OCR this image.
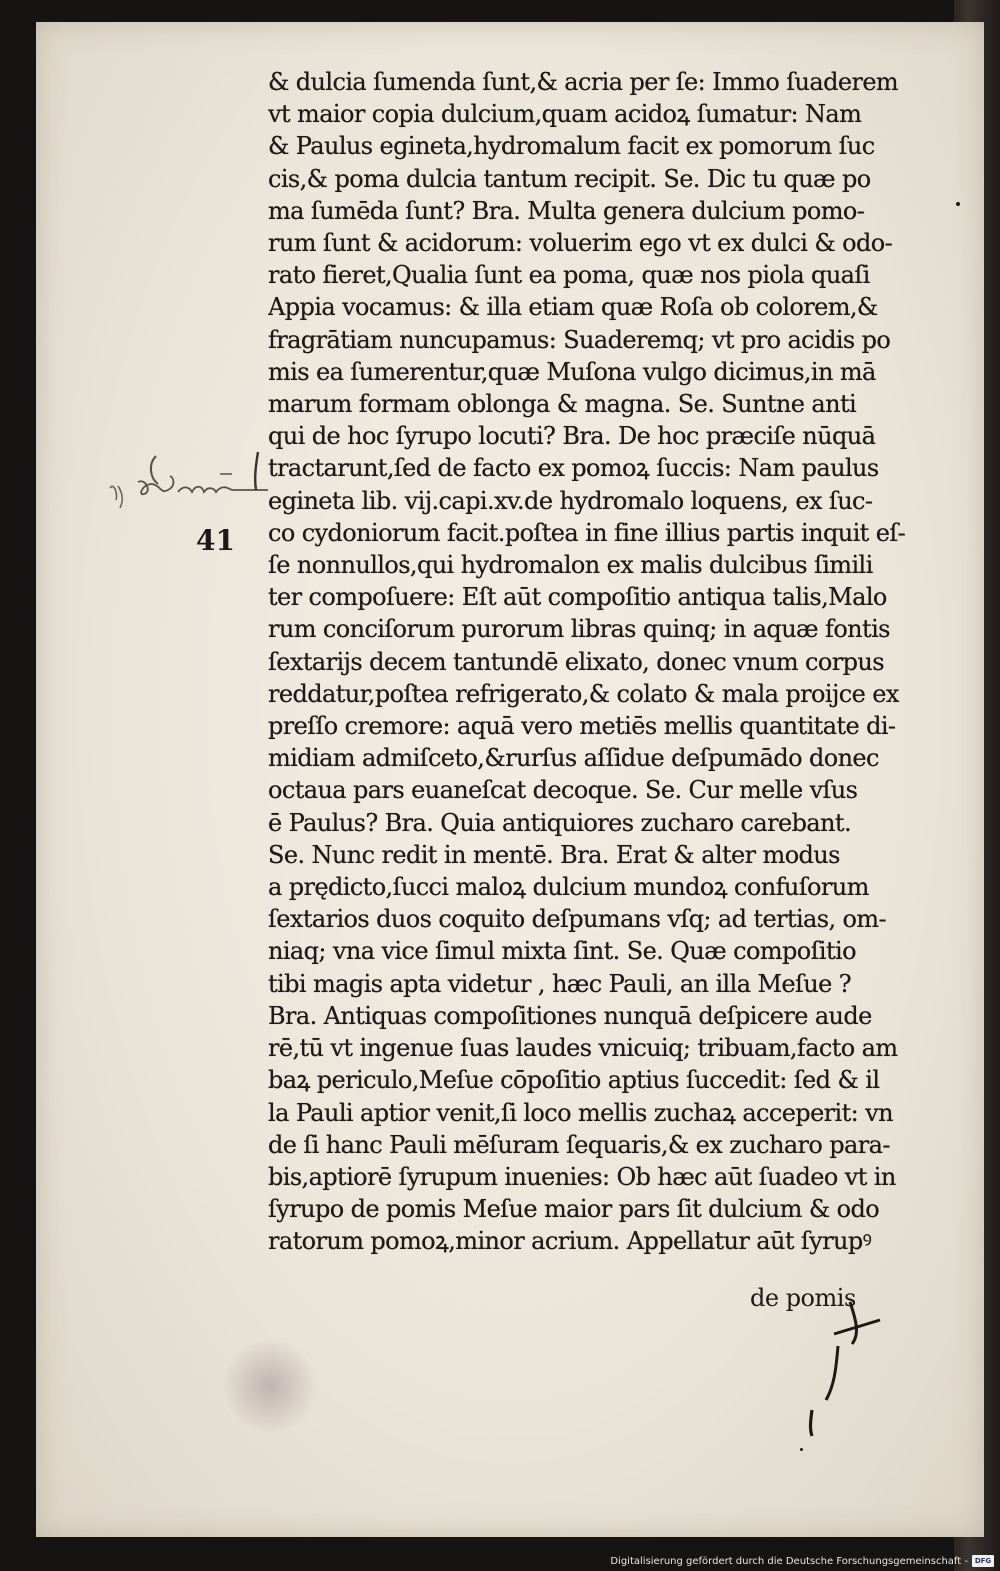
& dulcia ſumenda ſunt,& acria per ſe: Immo ſuaderem
vt maior copia dulcium,quam acidoꝝ ſumatur: Nam
& Paulus egineta,hydromalum facit ex pomorum ſuc
cis,& poma dulcia tantum recipit. Se. Dic tu quæ po
ma ſumēda ſunt? Bra. Multa genera dulcium pomo-
rum ſunt & acidorum: voluerim ego vt ex dulci & odo-
rato fieret,Qualia ſunt ea poma, quæ nos piola quaſi
Appia vocamus: & illa etiam quæ Roſa ob colorem,&
fragrātiam nuncupamus: Suaderemq; vt pro acidis po
mis ea ſumerentur,quæ Muſona vulgo dicimus,in mā
marum formam oblonga & magna. Se. Suntne anti
qui de hoc ſyrupo locuti? Bra. De hoc præciſe nūquā
tractarunt,ſed de facto ex pomoꝝ ſuccis: Nam paulus
egineta lib. vij.capi.xv.de hydromalo loquens, ex ſuc-
co cydoniorum facit.poſtea in fine illius partis inquit eſ-
ſe nonnullos,qui hydromalon ex malis dulcibus ſimili
ter compoſuere: Eſt aūt compoſitio antiqua talis,Malo
rum conciſorum purorum libras quinq; in aquæ fontis
ſextarijs decem tantundē elixato, donec vnum corpus
reddatur,poſtea refrigerato,& colato & mala proijce ex
preſſo cremore: aquā vero metiēs mellis quantitate di-
midiam admiſceto,&rurſus aſſidue deſpumādo donec
octaua pars euaneſcat decoque. Se. Cur melle vſus
ē Paulus? Bra. Quia antiquiores zucharo carebant.
Se. Nunc redit in mentē. Bra. Erat & alter modus
a prędicto,ſucci maloꝝ dulcium mundoꝝ confuſorum
ſextarios duos coquito deſpumans vſq; ad tertias, om-
niaq; vna vice ſimul mixta ſint. Se. Quæ compoſitio
tibi magis apta videtur , hæc Pauli, an illa Meſue ?
Bra. Antiquas compoſitiones nunquā deſpicere aude
rē,tū vt ingenue ſuas laudes vnicuiq; tribuam,facto am
baꝝ periculo,Meſue cōpoſitio aptius ſuccedit: ſed & il
la Pauli aptior venit,ſi loco mellis zuchaꝝ acceperit: vn
de ſi hanc Pauli mēſuram ſequaris,& ex zucharo para-
bis,aptiorē ſyrupum inuenies: Ob hæc aūt ſuadeo vt in
ſyrupo de pomis Meſue maior pars ſit dulcium & odo
ratorum pomoꝝ,minor acrium. Appellatur aūt ſyrupꝰ
de pomis
41
Digitalisierung gefördert durch die Deutsche Forschungsgemeinschaft - DFG
